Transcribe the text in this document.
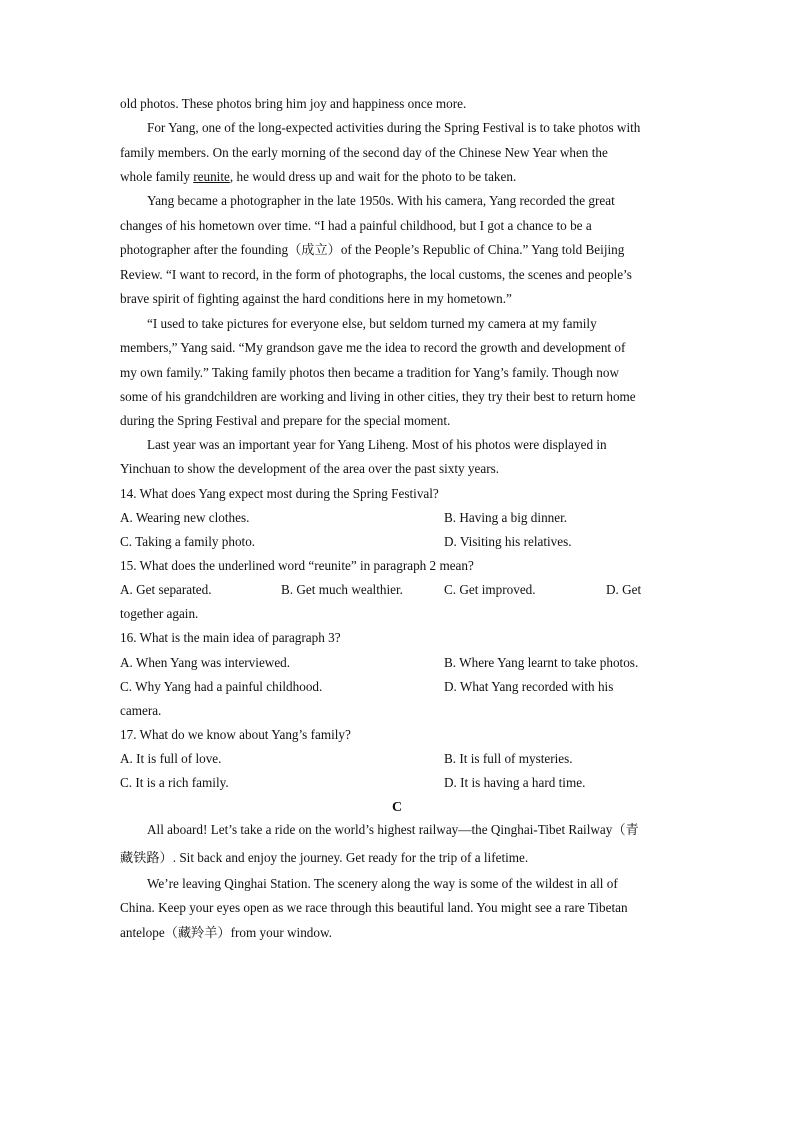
old photos. These photos bring him joy and happiness once more.
For Yang, one of the long-expected activities during the Spring Festival is to take photos with
family members. On the early morning of the second day of the Chinese New Year when the
whole family reunite, he would dress up and wait for the photo to be taken.
Yang became a photographer in the late 1950s. With his camera, Yang recorded the great
changes of his hometown over time. “I had a painful childhood, but I got a chance to be a
photographer after the founding（成立）of the People’s Republic of China.” Yang told Beijing
Review. “I want to record, in the form of photographs, the local customs, the scenes and people’s
brave spirit of fighting against the hard conditions here in my hometown.”
“I used to take pictures for everyone else, but seldom turned my camera at my family
members,” Yang said. “My grandson gave me the idea to record the growth and development of
my own family.” Taking family photos then became a tradition for Yang’s family. Though now
some of his grandchildren are working and living in other cities, they try their best to return home
during the Spring Festival and prepare for the special moment.
Last year was an important year for Yang Liheng. Most of his photos were displayed in
Yinchuan to show the development of the area over the past sixty years.
14. What does Yang expect most during the Spring Festival?
A. Wearing new clothes.	B. Having a big dinner.
C. Taking a family photo.	D. Visiting his relatives.
15. What does the underlined word “reunite” in paragraph 2 mean?
A. Get separated.	B. Get much wealthier.	C. Get improved.	D. Get
together again.
16. What is the main idea of paragraph 3?
A. When Yang was interviewed.	B. Where Yang learnt to take photos.
C. Why Yang had a painful childhood.	D. What Yang recorded with his
camera.
17. What do we know about Yang’s family?
A. It is full of love.	B. It is full of mysteries.
C. It is a rich family.	D. It is having a hard time.
C
All aboard! Let’s take a ride on the world’s highest railway—the Qinghai-Tibet Railway（青
藏铁路）. Sit back and enjoy the journey. Get ready for the trip of a lifetime.
We’re leaving Qinghai Station. The scenery along the way is some of the wildest in all of
China. Keep your eyes open as we race through this beautiful land. You might see a rare Tibetan
antelope（藏羚羊）from your window.
